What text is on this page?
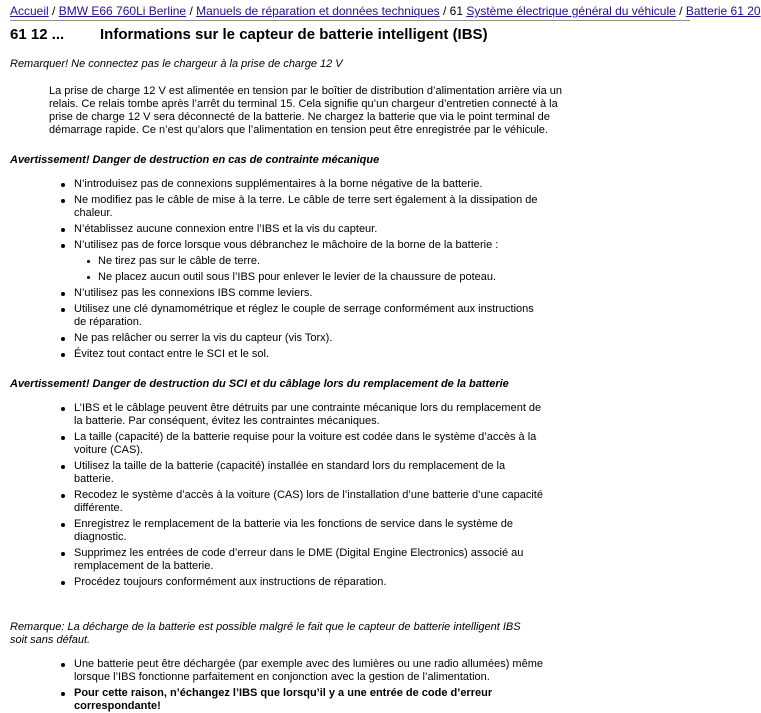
Accueil / BMW E66 760Li Berline / Manuels de réparation et données techniques / 61 Système électrique général du véhicule / Batterie 61 20
61 12 ... Informations sur le capteur de batterie intelligent (IBS)
Remarquer! Ne connectez pas le chargeur à la prise de charge 12 V
La prise de charge 12 V est alimentée en tension par le boîtier de distribution d’alimentation arrière via un relais. Ce relais tombe après l’arrêt du terminal 15. Cela signifie qu’un chargeur d’entretien connecté à la prise de charge 12 V sera déconnecté de la batterie. Ne chargez la batterie que via le point terminal de démarrage rapide. Ce n’est qu’alors que l’alimentation en tension peut être enregistrée par le véhicule.
Avertissement! Danger de destruction en cas de contrainte mécanique
N’introduisez pas de connexions supplémentaires à la borne négative de la batterie.
Ne modifiez pas le câble de mise à la terre. Le câble de terre sert également à la dissipation de chaleur.
N’établissez aucune connexion entre l’IBS et la vis du capteur.
N’utilisez pas de force lorsque vous débranchez le mâchoire de la borne de la batterie :
Ne tirez pas sur le câble de terre.
Ne placez aucun outil sous l’IBS pour enlever le levier de la chaussure de poteau.
N’utilisez pas les connexions IBS comme leviers.
Utilisez une clé dynamométrique et réglez le couple de serrage conformément aux instructions de réparation.
Ne pas relâcher ou serrer la vis du capteur (vis Torx).
Évitez tout contact entre le SCI et le sol.
Avertissement! Danger de destruction du SCI et du câblage lors du remplacement de la batterie
L’IBS et le câblage peuvent être détruits par une contrainte mécanique lors du remplacement de la batterie. Par conséquent, évitez les contraintes mécaniques.
La taille (capacité) de la batterie requise pour la voiture est codée dans le système d’accès à la voiture (CAS).
Utilisez la taille de la batterie (capacité) installée en standard lors du remplacement de la batterie.
Recodez le système d’accès à la voiture (CAS) lors de l’installation d’une batterie d’une capacité différente.
Enregistrez le remplacement de la batterie via les fonctions de service dans le système de diagnostic.
Supprimez les entrées de code d’erreur dans le DME (Digital Engine Electronics) associé au remplacement de la batterie.
Procédez toujours conformément aux instructions de réparation.
Remarque: La décharge de la batterie est possible malgré le fait que le capteur de batterie intelligent IBS soit sans défaut.
Une batterie peut être déchargée (par exemple avec des lumières ou une radio allumées) même lorsque l’IBS fonctionne parfaitement en conjonction avec la gestion de l’alimentation.
Pour cette raison, n’échangez l’IBS que lorsqu’il y a une entrée de code d’erreur correspondante!
